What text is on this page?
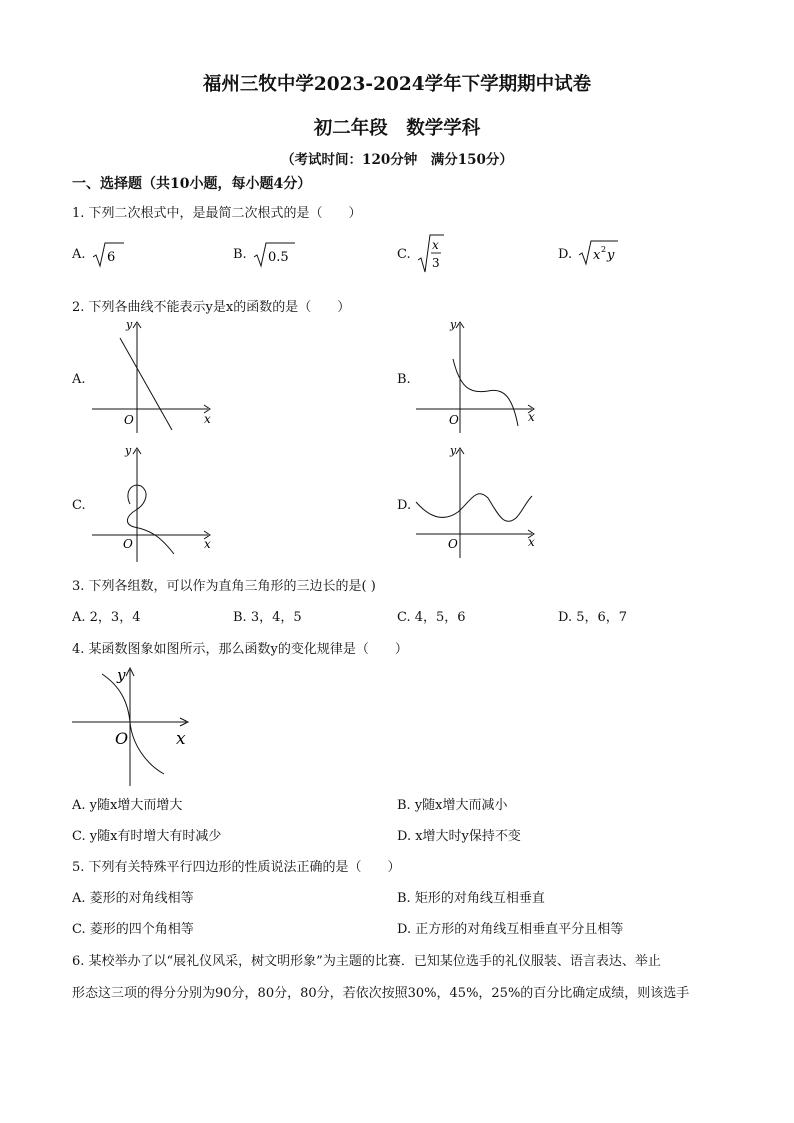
福州三牧中学2023-2024学年下学期期中试卷
初二年段　数学学科
（考试时间：120分钟　满分150分）
一、选择题（共10小题，每小题4分）
1. 下列二次根式中，是最简二次根式的是（　　）
A. 6	B. 0.5	C.
x
3
D. x 2 y
2. 下列各曲线不能表示y是x的函数的是（　　）
A.
y
x
O
B.
y
x
O
C.
y
x
O
D.
y
x
O
3. 下列各组数，可以作为直角三角形的三边长的是( )
A. 2，3，4	B. 3，4，5	C. 4，5，6	D. 5，6，7
4. 某函数图象如图所示，那么函数y的变化规律是（　　）
y
x
O
A. y随x增大而增大	B. y随x增大而减小
C. y随x有时增大有时减少	D. x增大时y保持不变
5. 下列有关特殊平行四边形的性质说法正确的是（　　）
A. 菱形的对角线相等	B. 矩形的对角线互相垂直
C. 菱形的四个角相等	D. 正方形的对角线互相垂直平分且相等
6. 某校举办了以“展礼仪风采，树文明形象”为主题的比赛．已知某位选手的礼仪服装、语言表达、举止
形态这三项的得分分别为90分，80分，80分，若依次按照30%，45%，25%的百分比确定成绩，则该选手
